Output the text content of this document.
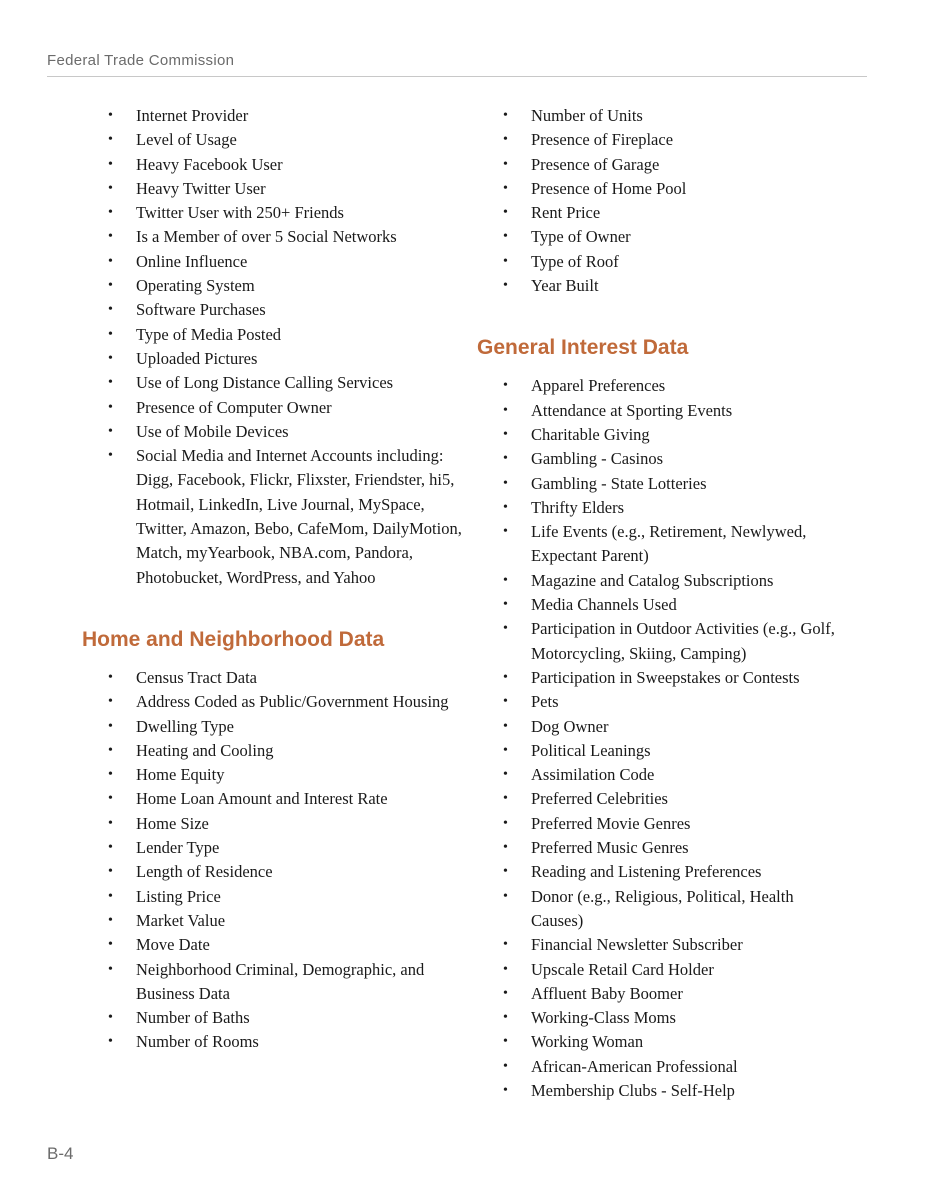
Federal Trade Commission
• Internet Provider
• Level of Usage
• Heavy Facebook User
• Heavy Twitter User
• Twitter User with 250+ Friends
• Is a Member of over 5 Social Networks
• Online Influence
• Operating System
• Software Purchases
• Type of Media Posted
• Uploaded Pictures
• Use of Long Distance Calling Services
• Presence of Computer Owner
• Use of Mobile Devices
• Social Media and Internet Accounts including: Digg, Facebook, Flickr, Flixster, Friendster, hi5, Hotmail, LinkedIn, Live Journal, MySpace, Twitter, Amazon, Bebo, CafeMom, DailyMotion, Match, myYearbook, NBA.com, Pandora, Photobucket, WordPress, and Yahoo
Home and Neighborhood Data
• Census Tract Data
• Address Coded as Public/Government Housing
• Dwelling Type
• Heating and Cooling
• Home Equity
• Home Loan Amount and Interest Rate
• Home Size
• Lender Type
• Length of Residence
• Listing Price
• Market Value
• Move Date
• Neighborhood Criminal, Demographic, and Business Data
• Number of Baths
• Number of Rooms
• Number of Units
• Presence of Fireplace
• Presence of Garage
• Presence of Home Pool
• Rent Price
• Type of Owner
• Type of Roof
• Year Built
General Interest Data
• Apparel Preferences
• Attendance at Sporting Events
• Charitable Giving
• Gambling - Casinos
• Gambling - State Lotteries
• Thrifty Elders
• Life Events (e.g., Retirement, Newlywed, Expectant Parent)
• Magazine and Catalog Subscriptions
• Media Channels Used
• Participation in Outdoor Activities (e.g., Golf, Motorcycling, Skiing, Camping)
• Participation in Sweepstakes or Contests
• Pets
• Dog Owner
• Political Leanings
• Assimilation Code
• Preferred Celebrities
• Preferred Movie Genres
• Preferred Music Genres
• Reading and Listening Preferences
• Donor (e.g., Religious, Political, Health Causes)
• Financial Newsletter Subscriber
• Upscale Retail Card Holder
• Affluent Baby Boomer
• Working-Class Moms
• Working Woman
• African-American Professional
• Membership Clubs - Self-Help
B-4
